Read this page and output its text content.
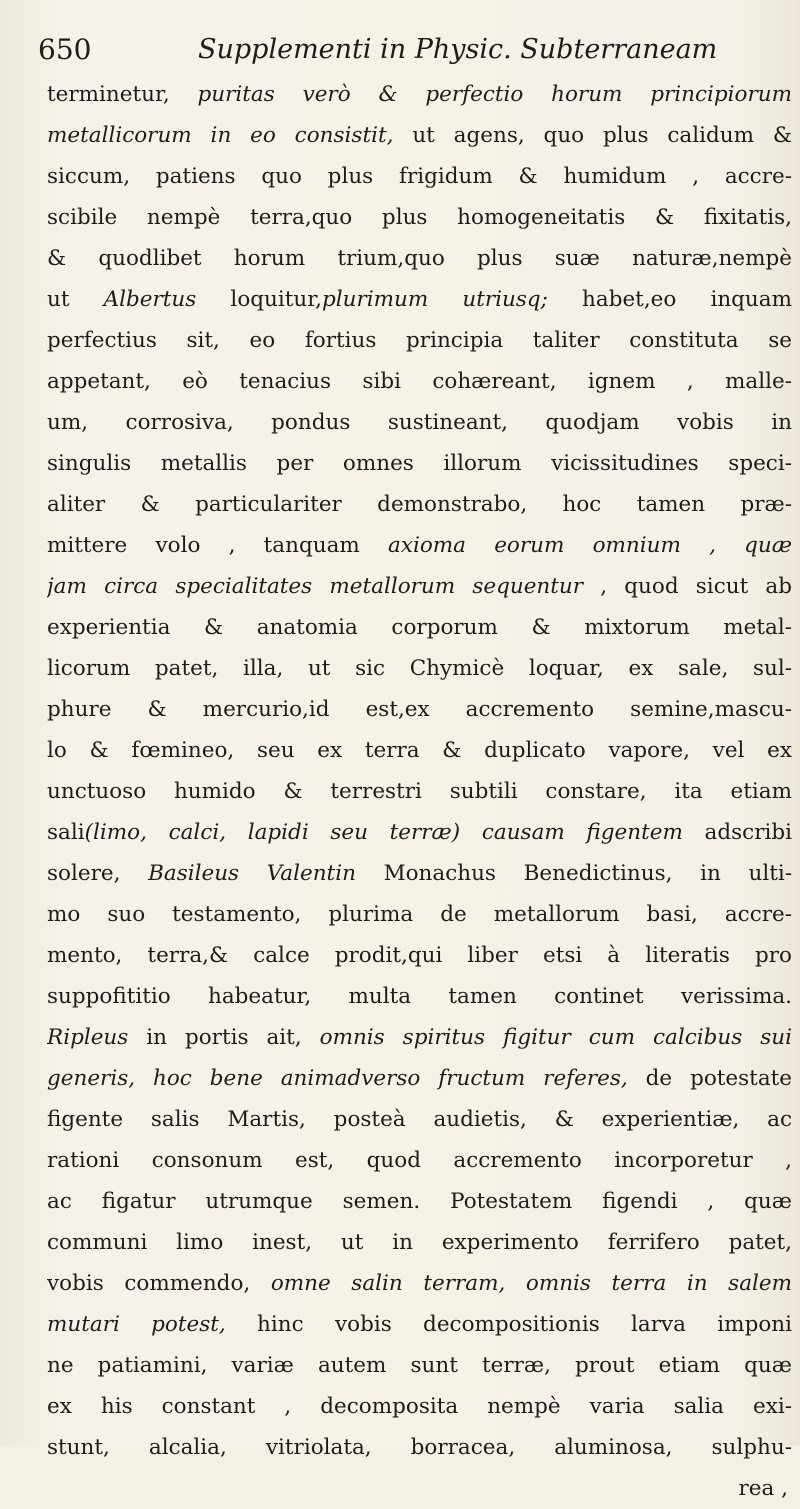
650	Supplementi in Physic. Subterraneam
terminetur, puritas verò & perfectio horum principiorum
metallicorum in eo consistit, ut agens, quo plus calidum &
siccum, patiens quo plus frigidum & humidum , accre-
scibile nempè terra,quo plus homogeneitatis & fixitatis,
& quodlibet horum trium,quo plus suæ naturæ,nempè
ut Albertus loquitur,plurimum utriusq; habet,eo inquam
perfectius sit, eo fortius principia taliter constituta se
appetant, eò tenacius sibi cohæreant, ignem , malle-
um, corrosiva, pondus sustineant, quodjam vobis in
singulis metallis per omnes illorum vicissitudines speci-
aliter & particulariter demonstrabo, hoc tamen præ-
mittere volo , tanquam axioma eorum omnium , quæ
jam circa specialitates metallorum sequentur , quod sicut ab
experientia & anatomia corporum & mixtorum metal-
licorum patet, illa, ut sic Chymicè loquar, ex sale, sul-
phure & mercurio,id est,ex accremento semine,mascu-
lo & fœmineo, seu ex terra & duplicato vapore, vel ex
unctuoso humido & terrestri subtili constare, ita etiam
sali(limo, calci, lapidi seu terræ) causam figentem adscribi
solere, Basileus Valentin Monachus Benedictinus, in ulti-
mo suo testamento, plurima de metallorum basi, accre-
mento, terra,& calce prodit,qui liber etsi à literatis pro
suppofititio habeatur, multa tamen continet verissima.
Ripleus in portis ait, omnis spiritus figitur cum calcibus sui
generis, hoc bene animadverso fructum referes, de potestate
figente salis Martis, posteà audietis, & experientiæ, ac
rationi consonum est, quod accremento incorporetur ,
ac figatur utrumque semen. Potestatem figendi , quæ
communi limo inest, ut in experimento ferrifero patet,
vobis commendo, omne salin terram, omnis terra in salem
mutari potest, hinc vobis decompositionis larva imponi
ne patiamini, variæ autem sunt terræ, prout etiam quæ
ex his constant , decomposita nempè varia salia exi-
stunt, alcalia, vitriolata, borracea, aluminosa, sulphu-
rea ,
